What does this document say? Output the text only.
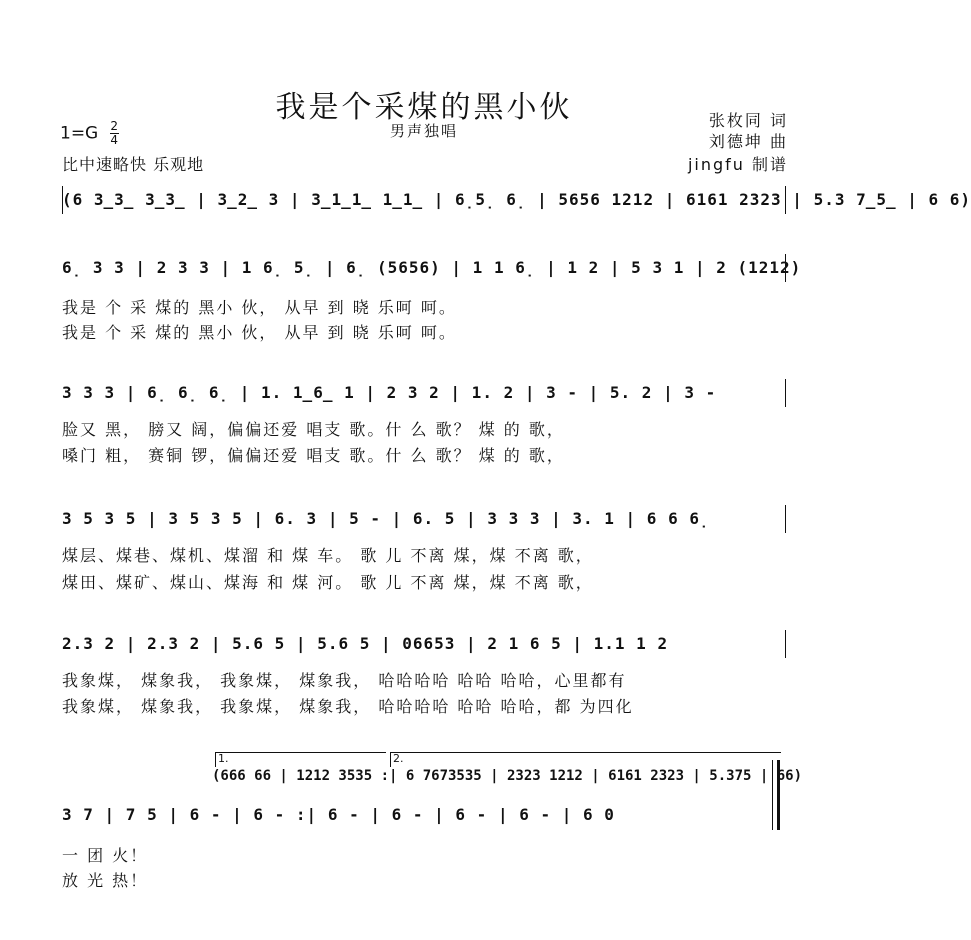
我是个采煤的黑小伙
男声独唱
$1=G \frac{2}{4}$
比中速略快 乐观地
张枚同 词
刘德坤 曲
jingfu 制谱
(6 3̲3̲ 3̲3̲ | 3̲2̲ 3 | 3̲1̲1̲ 1̲1̲ | 6̣5̣ 6̣ | 5656 1212 | 6161 2323 | 5.3 7̲5̲ | 6 6)
6̣ 3 3 | 2 3 3 | 1 6̣ 5̣ | 6̣ (5656) | 1 1 6̣ | 1 2 | 5 3 1 | 2 (1212)
我是 个 采 煤的 黑小 伙， 从早 到 晓 乐呵 呵。
我是 个 采 煤的 黑小 伙， 从早 到 晓 乐呵 呵。
3 3 3 | 6̣ 6̣ 6̣ | 1. 1̲6̲ 1 | 2 3 2 | 1. 2 | 3 - | 5. 2 | 3 -
脸又 黑， 膀又 阔，偏偏还爱 唱支 歌。什 么 歌？ 煤 的 歌，
嗓门 粗， 赛铜 锣，偏偏还爱 唱支 歌。什 么 歌？ 煤 的 歌，
3 5 3 5 | 3 5 3 5 | 6. 3 | 5 - | 6. 5 | 3 3 3 | 3. 1 | 6 6 6̣
煤层、煤巷、煤机、煤溜 和 煤 车。 歌 儿 不离 煤，煤 不离 歌，
煤田、煤矿、煤山、煤海 和 煤 河。 歌 儿 不离 煤，煤 不离 歌，
2.3 2 | 2.3 2 | 5.6 5 | 5.6 5 | 06653 | 2 1 6 5 | 1.1 1 2
我象煤， 煤象我， 我象煤， 煤象我， 哈哈哈哈 哈哈 哈哈，心里都有
我象煤， 煤象我， 我象煤， 煤象我， 哈哈哈哈 哈哈 哈哈，都 为四化
1.	2.
(666 66 | 1212 3535 :| 6 7673535 | 2323 1212 | 6161 2323 | 5.375 | 66)
3 7 | 7 5 | 6 - | 6 - :| 6 - | 6 - | 6 - | 6 - | 6 0
一 团 火！
放 光 热！
